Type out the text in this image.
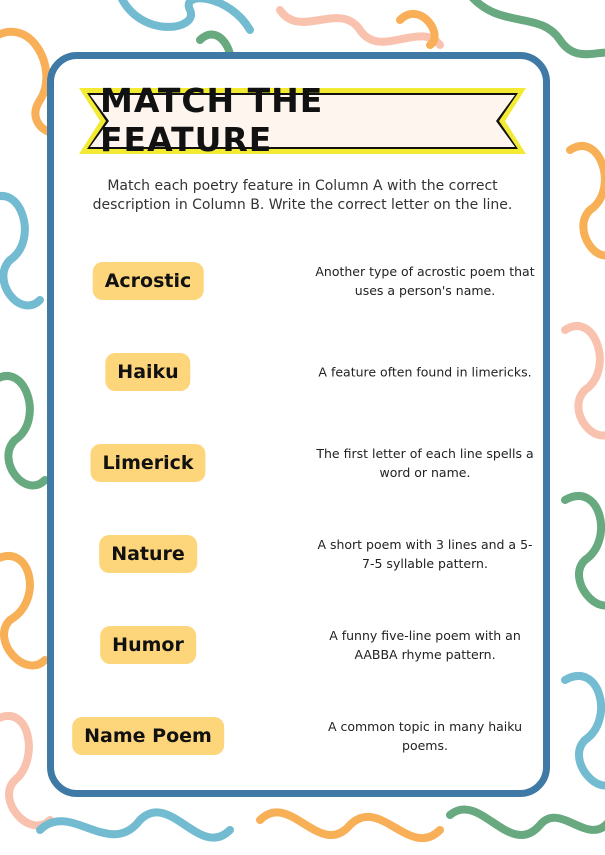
MATCH THE FEATURE
Match each poetry feature in Column A with the correct description in Column B. Write the correct letter on the line.
Acrostic	Another type of acrostic poem that uses a person's name.
Haiku	A feature often found in limericks.
Limerick	The first letter of each line spells a word or name.
Nature	A short poem with 3 lines and a 5-7-5 syllable pattern.
Humor	A funny five-line poem with an AABBA rhyme pattern.
Name Poem	A common topic in many haiku poems.
